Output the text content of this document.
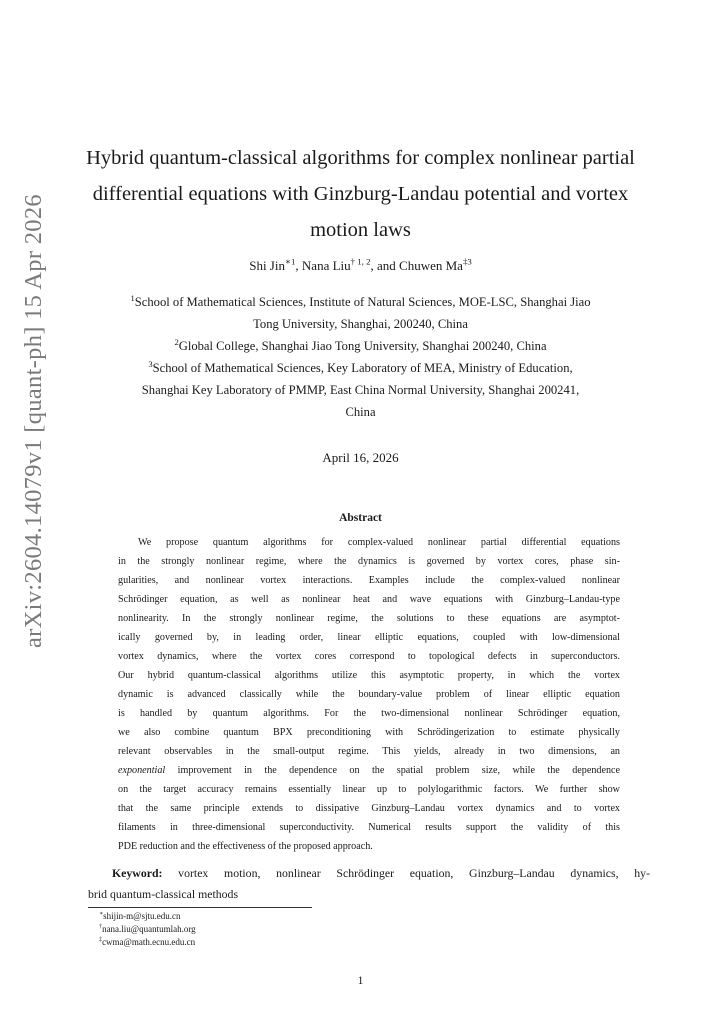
arXiv:2604.14079v1 [quant-ph] 15 Apr 2026
Hybrid quantum-classical algorithms for complex nonlinear partial
differential equations with Ginzburg-Landau potential and vortex
motion laws
Shi Jin$^{∗1}$, Nana Liu$^{\dagger 1, 2}$, and Chuwen Ma$^{\ddagger 3}$
$^1$School of Mathematical Sciences, Institute of Natural Sciences, MOE-LSC, Shanghai Jiao
Tong University, Shanghai, 200240, China
$^2$Global College, Shanghai Jiao Tong University, Shanghai 200240, China
$^3$School of Mathematical Sciences, Key Laboratory of MEA, Ministry of Education,
Shanghai Key Laboratory of PMMP, East China Normal University, Shanghai 200241,
China
April 16, 2026
Abstract
We propose quantum algorithms for complex-valued nonlinear partial differential equations
in the strongly nonlinear regime, where the dynamics is governed by vortex cores, phase sin-
gularities, and nonlinear vortex interactions. Examples include the complex-valued nonlinear
Schrödinger equation, as well as nonlinear heat and wave equations with Ginzburg–Landau-type
nonlinearity. In the strongly nonlinear regime, the solutions to these equations are asymptot-
ically governed by, in leading order, linear elliptic equations, coupled with low-dimensional
vortex dynamics, where the vortex cores correspond to topological defects in superconductors.
Our hybrid quantum-classical algorithms utilize this asymptotic property, in which the vortex
dynamic is advanced classically while the boundary-value problem of linear elliptic equation
is handled by quantum algorithms. For the two-dimensional nonlinear Schrödinger equation,
we also combine quantum BPX preconditioning with Schrödingerization to estimate physically
relevant observables in the small-output regime. This yields, already in two dimensions, an
exponential improvement in the dependence on the spatial problem size, while the dependence
on the target accuracy remains essentially linear up to polylogarithmic factors. We further show
that the same principle extends to dissipative Ginzburg–Landau vortex dynamics and to vortex
filaments in three-dimensional superconductivity. Numerical results support the validity of this
PDE reduction and the effectiveness of the proposed approach.
Keyword: vortex motion, nonlinear Schrödinger equation, Ginzburg–Landau dynamics, hy-
brid quantum-classical methods
∗shijin-m@sjtu.edu.cn
†nana.liu@quantumlah.org
‡cwma@math.ecnu.edu.cn
1
